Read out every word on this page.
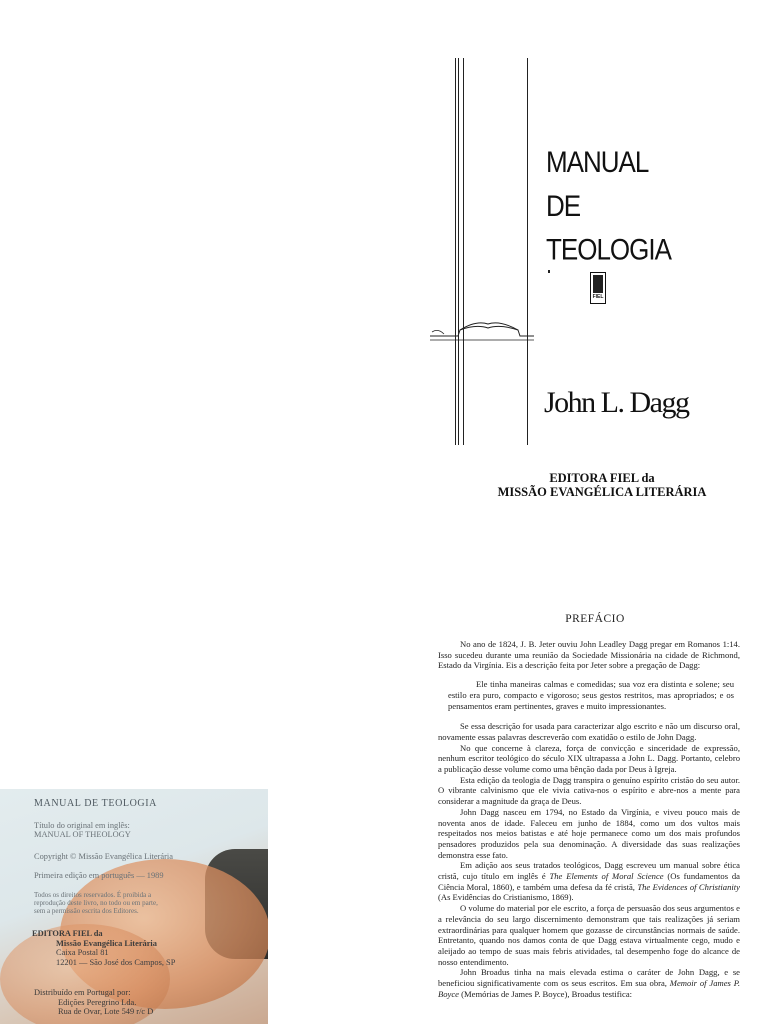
MANUAL
DE
TEOLOGIA
FIEL
John L. Dagg
EDITORA FIEL da
MISSÃO EVANGÉLICA LITERÁRIA
MANUAL DE TEOLOGIA
Título do original em inglês:
MANUAL OF THEOLOGY
Copyright © Missão Evangélica Literária
Primeira edição em português — 1989
Todos os direitos reservados. É proibida a
reprodução deste livro, no todo ou em parte,
sem a permissão escrita dos Editores.
EDITORA FIEL da
Missão Evangélica Literária
Caixa Postal 81
12201 — São José dos Campos, SP
Distribuído em Portugal por:
Edições Peregrino Lda.
Rua de Ovar, Lote 549 r/c D
PREFÁCIO

No ano de 1824, J. B. Jeter ouviu John Leadley Dagg pregar em Romanos 1:14. Isso sucedeu durante uma reunião da Sociedade Missionária na cidade de Richmond, Estado da Virgínia. Eis a descrição feita por Jeter sobre a pregação de Dagg:

Ele tinha maneiras calmas e comedidas; sua voz era distinta e solene; seu estilo era puro, compacto e vigoroso; seus gestos restritos, mas apropriados; e os pensamentos eram pertinentes, graves e muito impressionantes.

Se essa descrição for usada para caracterizar algo escrito e não um discurso oral, novamente essas palavras descreverão com exatidão o estilo de John Dagg.

No que concerne à clareza, força de convicção e sinceridade de expressão, nenhum escritor teológico do século XIX ultrapassa a John L. Dagg. Portanto, celebro a publicação desse volume como uma bênção dada por Deus à Igreja.

Esta edição da teologia de Dagg transpira o genuíno espírito cristão do seu autor. O vibrante calvinismo que ele vivia cativa-nos o espírito e abre-nos a mente para considerar a magnitude da graça de Deus.

John Dagg nasceu em 1794, no Estado da Virgínia, e viveu pouco mais de noventa anos de idade. Faleceu em junho de 1884, como um dos vultos mais respeitados nos meios batistas e até hoje permanece como um dos mais profundos pensadores produzidos pela sua denominação. A diversidade das suas realizações demonstra esse fato.

Em adição aos seus tratados teológicos, Dagg escreveu um manual sobre ética cristã, cujo título em inglês é The Elements of Moral Science (Os fundamentos da Ciência Moral, 1860), e também uma defesa da fé cristã, The Evidences of Christianity (As Evidências do Cristianismo, 1869).

O volume do material por ele escrito, a força de persuasão dos seus argumentos e a relevância do seu largo discernimento demonstram que tais realizações já seriam extraordinárias para qualquer homem que gozasse de circunstâncias normais de saúde. Entretanto, quando nos damos conta de que Dagg estava virtualmente cego, mudo e aleijado ao tempo de suas mais febris atividades, tal desempenho foge do alcance de nosso entendimento.

John Broadus tinha na mais elevada estima o caráter de John Dagg, e se beneficiou significativamente com os seus escritos. Em sua obra, Memoir of James P. Boyce (Memórias de James P. Boyce), Broadus testifica:
